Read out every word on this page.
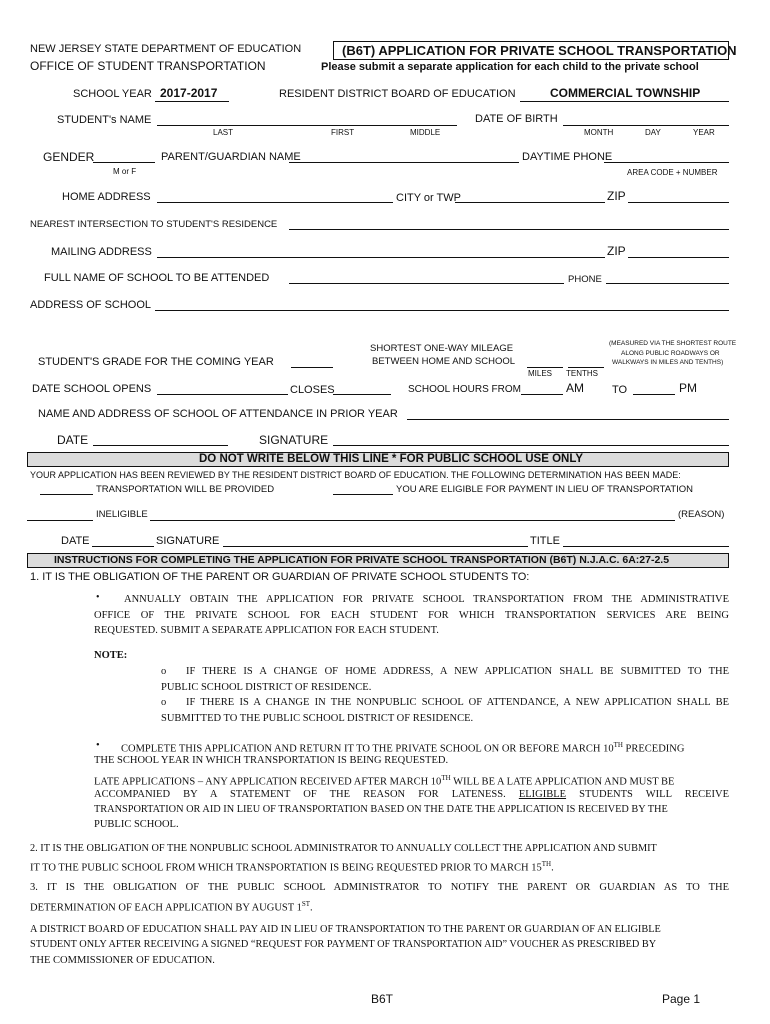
NEW JERSEY STATE DEPARTMENT OF EDUCATION
OFFICE OF STUDENT TRANSPORTATION
(B6T) APPLICATION FOR PRIVATE SCHOOL TRANSPORTATION
Please submit a separate application for each child to the private school
SCHOOL YEAR 2017-2017	RESIDENT DISTRICT BOARD OF EDUCATION	COMMERCIAL TOWNSHIP
STUDENT's NAME
LAST	FIRST	MIDDLE
DATE OF BIRTH
MONTH	DAY	YEAR
GENDER
M or F
PARENT/GUARDIAN NAME	DAYTIME PHONE
AREA CODE + NUMBER
HOME ADDRESS	CITY or TWP	ZIP
NEAREST INTERSECTION TO STUDENT'S RESIDENCE
MAILING ADDRESS	ZIP
FULL NAME OF SCHOOL TO BE ATTENDED	PHONE
ADDRESS OF SCHOOL
STUDENT'S GRADE FOR THE COMING YEAR
SHORTEST ONE-WAY MILEAGE
BETWEEN HOME AND SCHOOL
MILES TENTHS
(MEASURED VIA THE SHORTEST ROUTE
ALONG PUBLIC ROADWAYS OR
WALKWAYS IN MILES AND TENTHS)
DATE SCHOOL OPENS	CLOSES	SCHOOL HOURS FROM	AM	TO	PM
NAME AND ADDRESS OF SCHOOL OF ATTENDANCE IN PRIOR YEAR
DATE	SIGNATURE
DO NOT WRITE BELOW THIS LINE * FOR PUBLIC SCHOOL USE ONLY
YOUR APPLICATION HAS BEEN REVIEWED BY THE RESIDENT DISTRICT BOARD OF EDUCATION. THE FOLLOWING DETERMINATION HAS BEEN MADE:
TRANSPORTATION WILL BE PROVIDED	YOU ARE ELIGIBLE FOR PAYMENT IN LIEU OF TRANSPORTATION
INELIGIBLE	(REASON)
DATE	SIGNATURE	TITLE
INSTRUCTIONS FOR COMPLETING THE APPLICATION FOR PRIVATE SCHOOL TRANSPORTATION (B6T) N.J.A.C. 6A:27-2.5
1. IT IS THE OBLIGATION OF THE PARENT OR GUARDIAN OF PRIVATE SCHOOL STUDENTS TO:
• ANNUALLY OBTAIN THE APPLICATION FOR PRIVATE SCHOOL TRANSPORTATION FROM THE ADMINISTRATIVE
OFFICE OF THE PRIVATE SCHOOL FOR EACH STUDENT FOR WHICH TRANSPORTATION SERVICES ARE BEING
REQUESTED. SUBMIT A SEPARATE APPLICATION FOR EACH STUDENT.
NOTE:
o IF THERE IS A CHANGE OF HOME ADDRESS, A NEW APPLICATION SHALL BE SUBMITTED TO THE
PUBLIC SCHOOL DISTRICT OF RESIDENCE.
o IF THERE IS A CHANGE IN THE NONPUBLIC SCHOOL OF ATTENDANCE, A NEW APPLICATION SHALL BE
SUBMITTED TO THE PUBLIC SCHOOL DISTRICT OF RESIDENCE.
• COMPLETE THIS APPLICATION AND RETURN IT TO THE PRIVATE SCHOOL ON OR BEFORE MARCH 10TH PRECEDING
THE SCHOOL YEAR IN WHICH TRANSPORTATION IS BEING REQUESTED.
LATE APPLICATIONS – ANY APPLICATION RECEIVED AFTER MARCH 10TH WILL BE A LATE APPLICATION AND MUST BE
ACCOMPANIED BY A STATEMENT OF THE REASON FOR LATENESS. ELIGIBLE STUDENTS WILL RECEIVE
TRANSPORTATION OR AID IN LIEU OF TRANSPORTATION BASED ON THE DATE THE APPLICATION IS RECEIVED BY THE
PUBLIC SCHOOL.
2. IT IS THE OBLIGATION OF THE NONPUBLIC SCHOOL ADMINISTRATOR TO ANNUALLY COLLECT THE APPLICATION AND SUBMIT
IT TO THE PUBLIC SCHOOL FROM WHICH TRANSPORTATION IS BEING REQUESTED PRIOR TO MARCH 15TH.
3. IT IS THE OBLIGATION OF THE PUBLIC SCHOOL ADMINISTRATOR TO NOTIFY THE PARENT OR GUARDIAN AS TO THE
DETERMINATION OF EACH APPLICATION BY AUGUST 1ST.
A DISTRICT BOARD OF EDUCATION SHALL PAY AID IN LIEU OF TRANSPORTATION TO THE PARENT OR GUARDIAN OF AN ELIGIBLE
STUDENT ONLY AFTER RECEIVING A SIGNED “REQUEST FOR PAYMENT OF TRANSPORTATION AID” VOUCHER AS PRESCRIBED BY
THE COMMISSIONER OF EDUCATION.
B6T	Page 1
